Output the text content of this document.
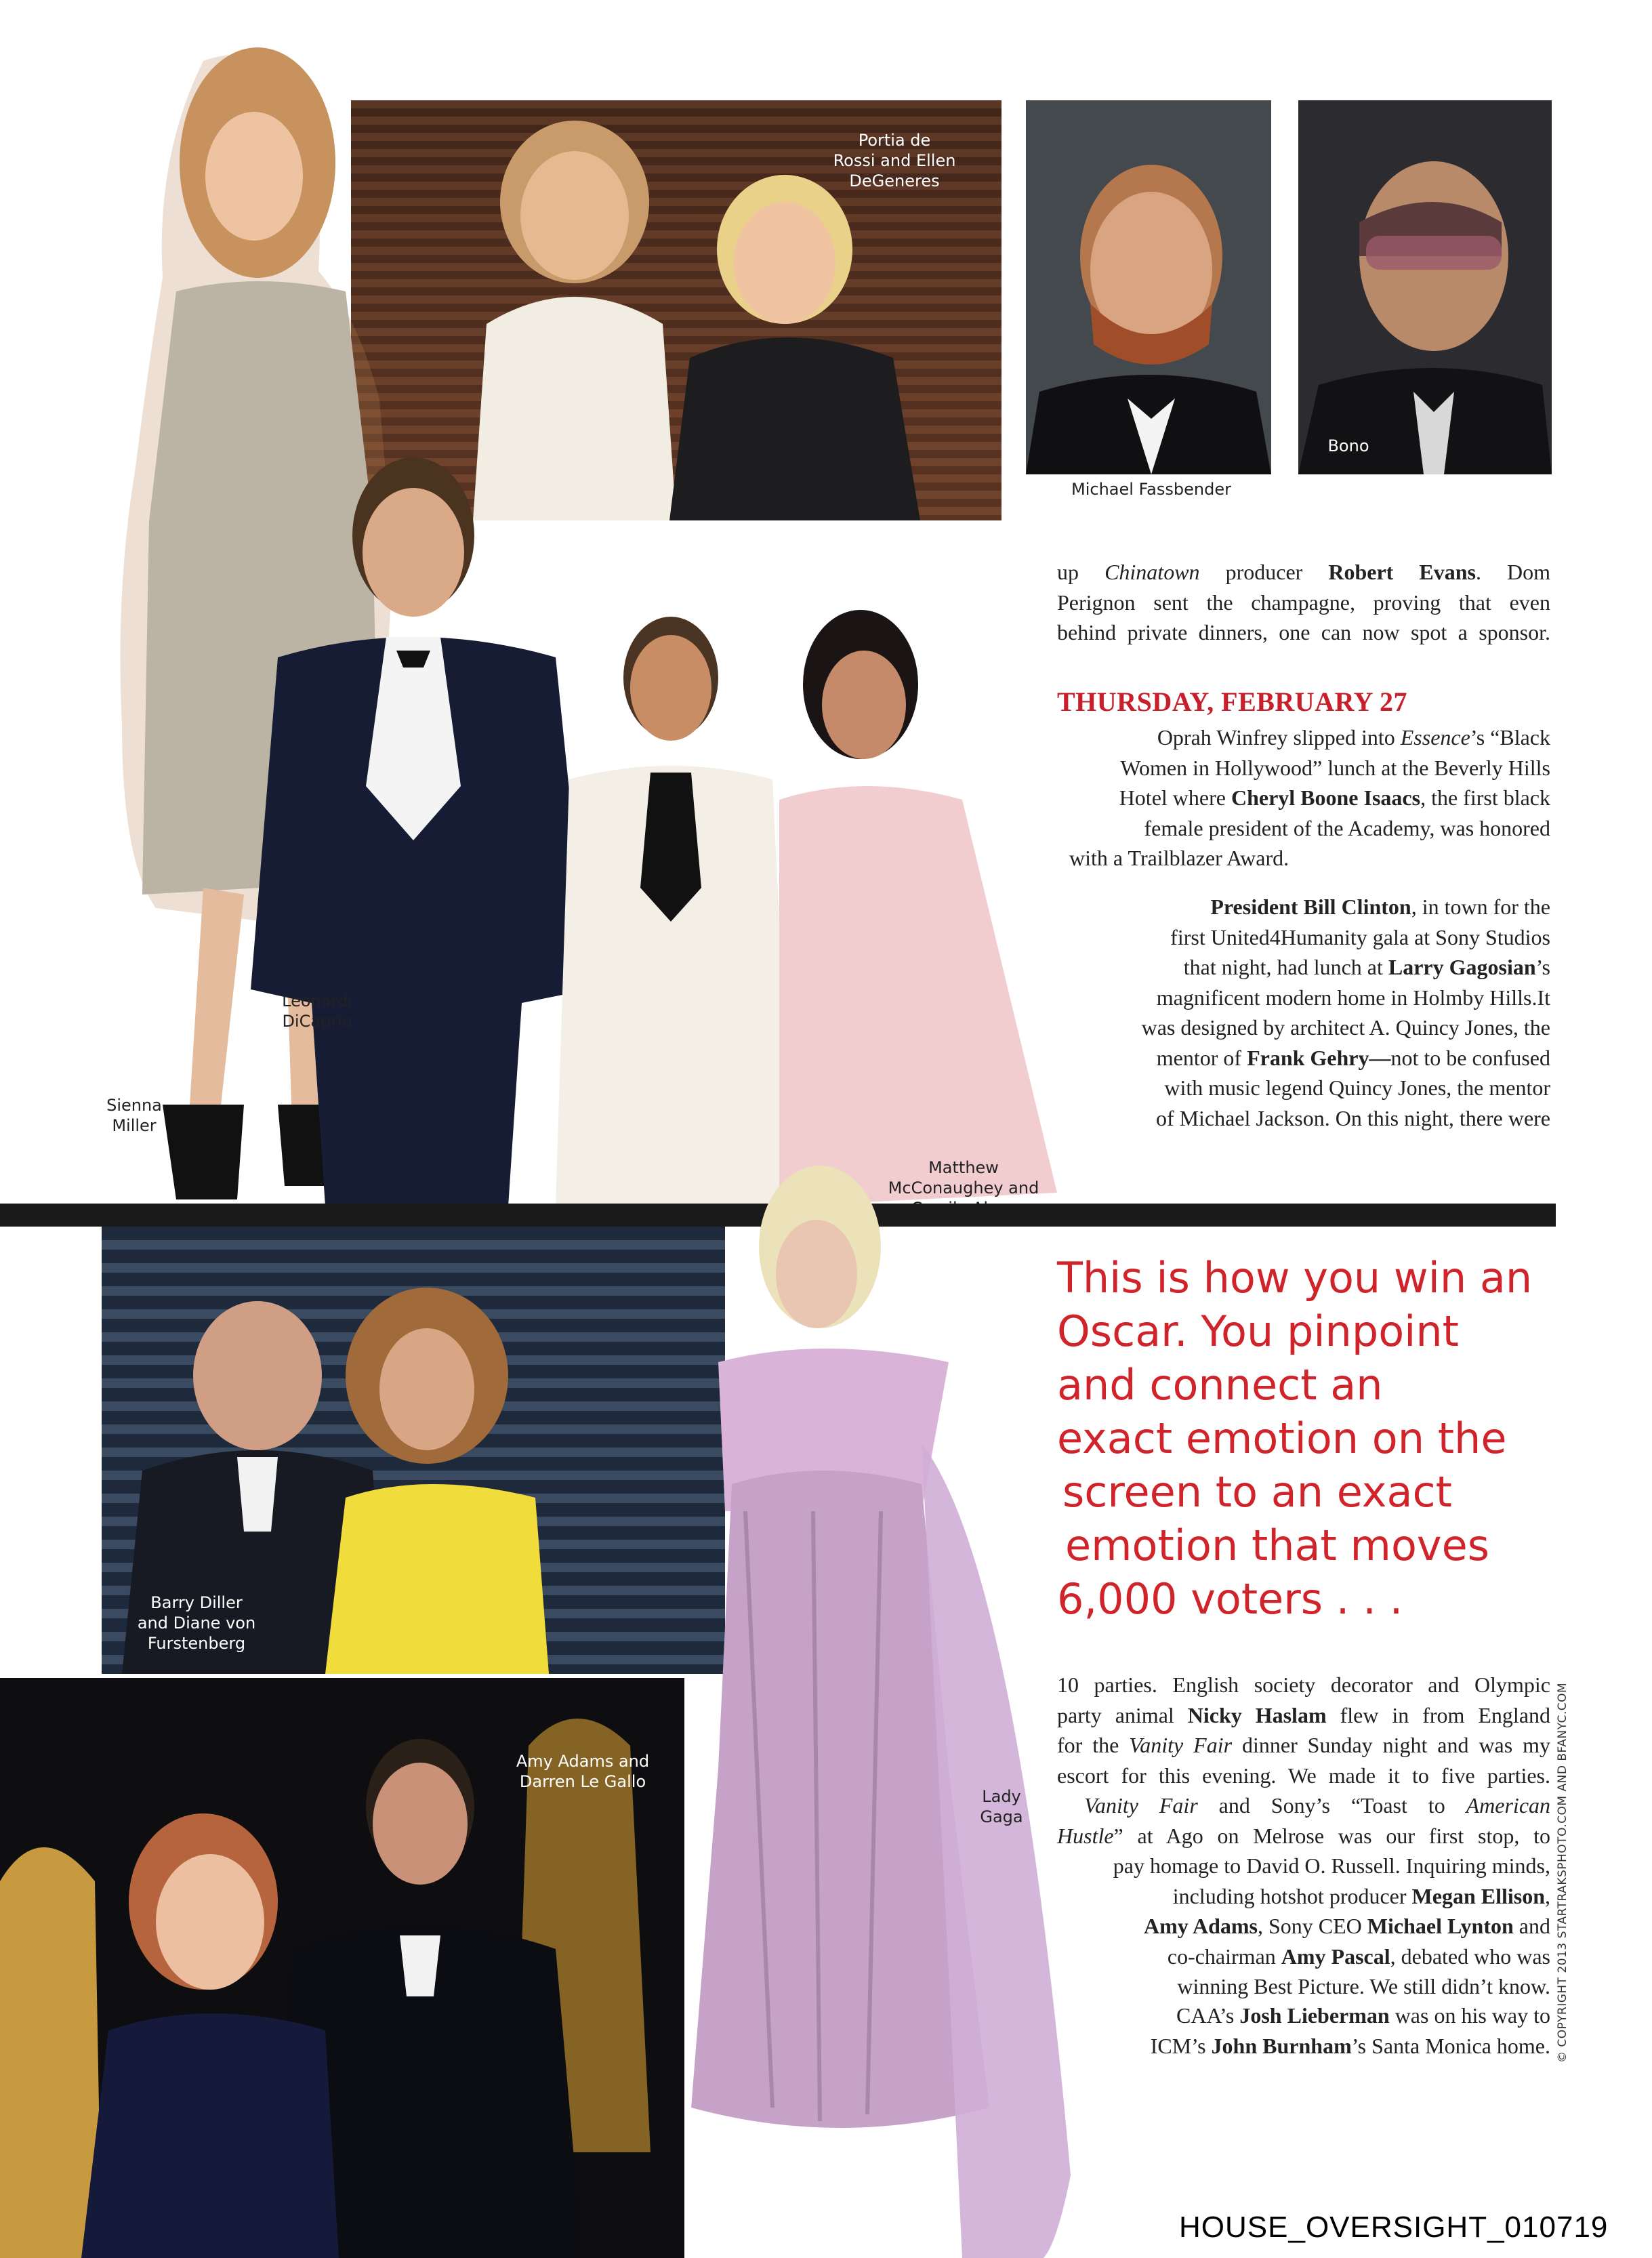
Portia de
Rossi and Ellen
DeGeneres
Michael Fassbender
Bono
Leonardi
DiCaprio
Sienna
Miller
Matthew
McConaughey and

up Chinatown producer Robert Evans. Dom

Perignon sent the champagne, proving that even

behind private dinners, one can now spot a sponsor.

THURSDAY, FEBRUARY 27

Oprah Winfrey slipped into Essence’s “Black

Women in Hollywood” lunch at the Beverly Hills

Hotel where Cheryl Boone Isaacs, the first black

female president of the Academy, was honored

with a Trailblazer Award.

President Bill Clinton, in town for the

first United4Humanity gala at Sony Studios

that night, had lunch at Larry Gagosian’s

magnificent modern home in Holmby Hills.It

was designed by architect A. Quincy Jones, the

mentor of Frank Gehry—not to be confused

with music legend Quincy Jones, the mentor

of Michael Jackson. On this night, there were

Barry Diller
and Diane von
Furstenberg
Amy Adams and
Darren Le Gallo
Lady
Gaga
This is how you win an
Oscar. You pinpoint
and connect an
exact emotion on the
screen to an exact
emotion that moves
6,000 voters . . .

10 parties. English society decorator and Olympic

party animal Nicky Haslam flew in from England

for the Vanity Fair dinner Sunday night and was my

escort for this evening. We made it to five parties.

Vanity Fair and Sony’s “Toast to American

Hustle” at Ago on Melrose was our first stop, to

pay homage to David O. Russell. Inquiring minds,

including hotshot producer Megan Ellison,

Amy Adams, Sony CEO Michael Lynton and

co-chairman Amy Pascal, debated who was

winning Best Picture. We still didn’t know.

CAA’s Josh Lieberman was on his way to

ICM’s John Burnham’s Santa Monica home. © COPYRIGHT 2013 STARTRAKSPHOTO.COM AND BFANYC.COM
HOUSE_OVERSIGHT_010719
